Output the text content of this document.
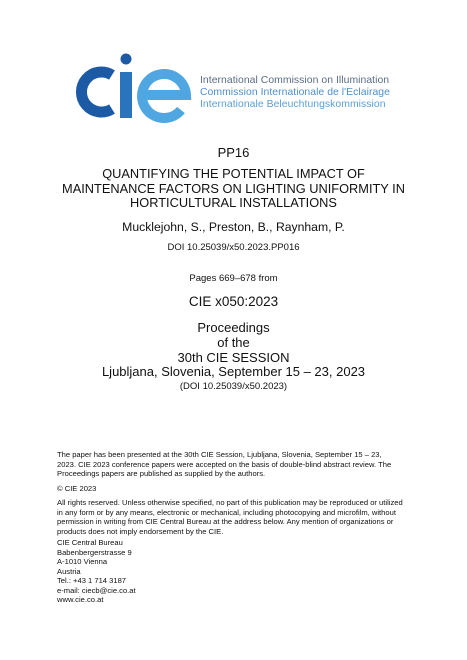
International Commission on Illumination
Commission Internationale de l'Eclairage
Internationale Beleuchtungskommission
PP16
QUANTIFYING THE POTENTIAL IMPACT OF
MAINTENANCE FACTORS ON LIGHTING UNIFORMITY IN
HORTICULTURAL INSTALLATIONS
Mucklejohn, S., Preston, B., Raynham, P.
DOI 10.25039/x50.2023.PP016
Pages 669–678 from
CIE x050:2023
Proceedings
of the
30th CIE SESSION
Ljubljana, Slovenia, September 15 – 23, 2023
(DOI 10.25039/x50.2023)
The paper has been presented at the 30th CIE Session, Ljubljana, Slovenia, September 15 – 23,
2023. CIE 2023 conference papers were accepted on the basis of double-blind abstract review. The
Proceedings papers are published as supplied by the authors.
© CIE 2023
All rights reserved. Unless otherwise specified, no part of this publication may be reproduced or utilized
in any form or by any means, electronic or mechanical, including photocopying and microfilm, without
permission in writing from CIE Central Bureau at the address below. Any mention of organizations or
products does not imply endorsement by the CIE.
CIE Central Bureau
Babenbergerstrasse 9
A-1010 Vienna
Austria
Tel.: +43 1 714 3187
e-mail: ciecb@cie.co.at
www.cie.co.at
